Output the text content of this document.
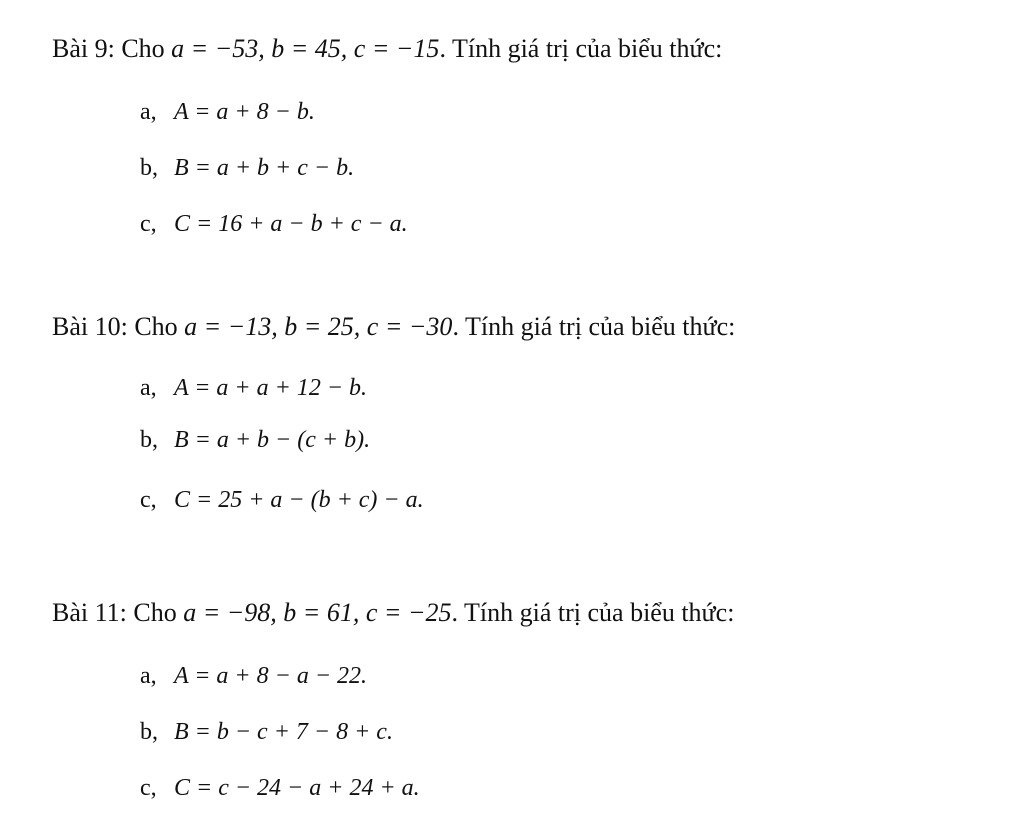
Bài 9: Cho a = −53, b = 45, c = −15. Tính giá trị của biểu thức:
a, A = a + 8 − b.
b, B = a + b + c − b.
c, C = 16 + a − b + c − a.
Bài 10: Cho a = −13, b = 25, c = −30. Tính giá trị của biểu thức:
a, A = a + a + 12 − b.
b, B = a + b − (c + b).
c, C = 25 + a − (b + c) − a.
Bài 11: Cho a = −98, b = 61, c = −25. Tính giá trị của biểu thức:
a, A = a + 8 − a − 22.
b, B = b − c + 7 − 8 + c.
c, C = c − 24 − a + 24 + a.
